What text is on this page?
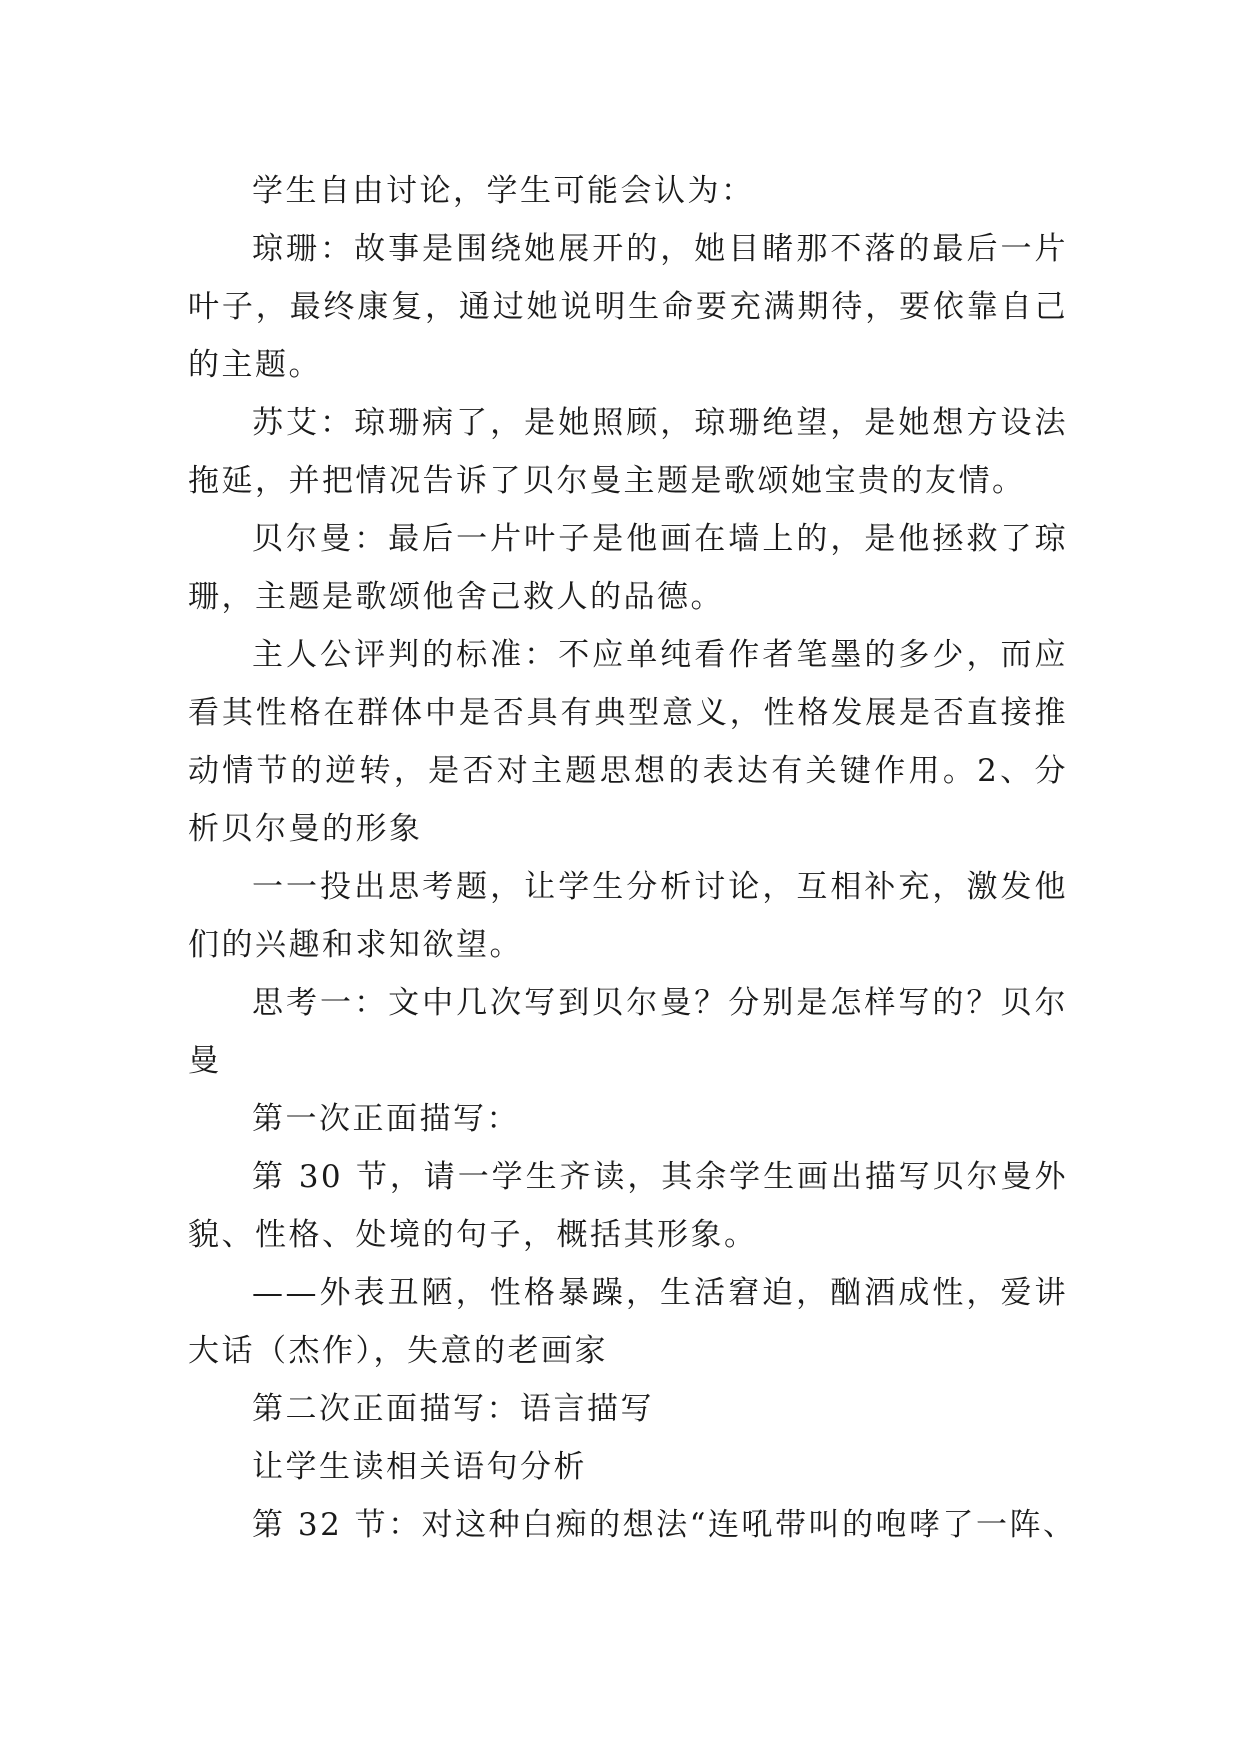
学生自由讨论，学生可能会认为：

琼珊：故事是围绕她展开的，她目睹那不落的最后一片叶子，最终康复，通过她说明生命要充满期待，要依靠自己的主题。

苏艾：琼珊病了，是她照顾，琼珊绝望，是她想方设法拖延，并把情况告诉了贝尔曼主题是歌颂她宝贵的友情。

贝尔曼：最后一片叶子是他画在墙上的，是他拯救了琼珊，主题是歌颂他舍己救人的品德。

主人公评判的标准：不应单纯看作者笔墨的多少，而应看其性格在群体中是否具有典型意义，性格发展是否直接推动情节的逆转，是否对主题思想的表达有关键作用。2、分析贝尔曼的形象

一一投出思考题，让学生分析讨论，互相补充，激发他们的兴趣和求知欲望。

思考一：文中几次写到贝尔曼？分别是怎样写的？贝尔曼

第一次正面描写：

第 30 节，请一学生齐读，其余学生画出描写贝尔曼外貌、性格、处境的句子，概括其形象。

——外表丑陋，性格暴躁，生活窘迫，酗酒成性，爱讲大话（杰作），失意的老画家

第二次正面描写：语言描写

让学生读相关语句分析

第 32 节：对这种白痴的想法“连吼带叫的咆哮了一阵、
